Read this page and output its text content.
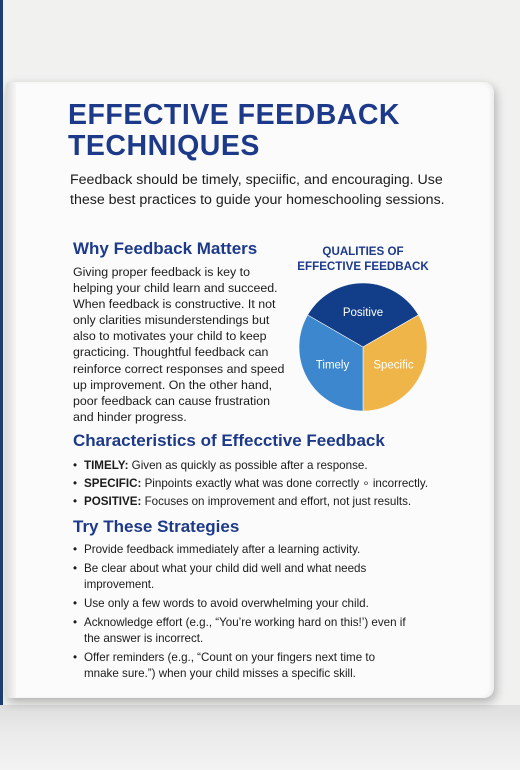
EFFECTIVE FEEDBACK
TECHNIQUES

Feedback should be timely, speciific, and encouraging. Use these best practices to guide your homeschooling sessions.

Why Feedback Matters

Giving proper feedback is key to helping your child learn and succeed. When feedback is constructive. It not only clarities misunderstendings but also to motivates your child to keep gracticing. Thoughtful feedback can reinforce correct responses and speed up improvement. On the other hand, poor feedback can cause frustration and hinder progress.

QUALITIES OF EFFECTIVE FEEDBACK
Positive
Specific
Timely
Characteristics of Effecctive Feedback
• TIMELY: Given as quickly as possible after a response.
• SPECIFIC: Pinpoints exactly what was done correctly ∘ incorrectly.
• POSITIVE: Focuses on improvement and effort, not just results.
Try These Strategies
• Provide feedback immediately after a learning activity.
• Be clear about what your child did well and what needs improvement.
• Use only a few words to avoid overwhelming your child.
• Acknowledge effort (e.g., “You’re working hard on this!’) even if the answer is incorrect.
• Offer reminders (e.g., “Count on your fingers next time to mnake sure.”) when your child misses a specific skill.
